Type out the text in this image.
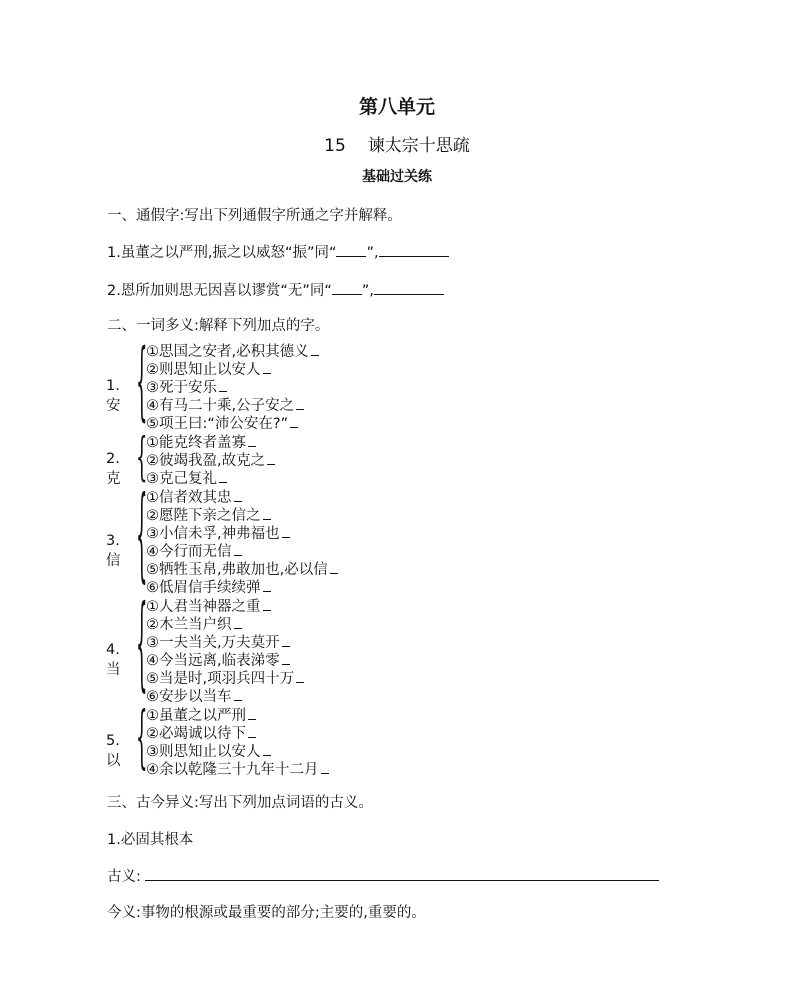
第八单元
15 谏太宗十思疏
基础过关练
一、通假字:写出下列通假字所通之字并解释。
1.虽董之以严刑,振之以威怒“振”同“ ”,
2.恩所加则思无因喜以谬赏“无”同“ ”,
二、一词多义:解释下列加点的字。
1.安 {
①思国之安者,必积其德义
②则思知止以安人
③死于安乐
④有马二十乘,公子安之
⑤项王曰:“沛公安在?”
2.克 {
①能克终者盖寡
②彼竭我盈,故克之
③克己复礼
3.信 {
①信者效其忠
②愿陛下亲之信之
③小信未孚,神弗福也
④今行而无信
⑤牺牲玉帛,弗敢加也,必以信
⑥低眉信手续续弹
4.当 {
①人君当神器之重
②木兰当户织
③一夫当关,万夫莫开
④今当远离,临表涕零
⑤当是时,项羽兵四十万
⑥安步以当车
5.以 {
①虽董之以严刑
②必竭诚以待下
③则思知止以安人
④余以乾隆三十九年十二月
三、古今异义:写出下列加点词语的古义。
1.必固其根本
古义:
今义:事物的根源或最重要的部分;主要的,重要的。
